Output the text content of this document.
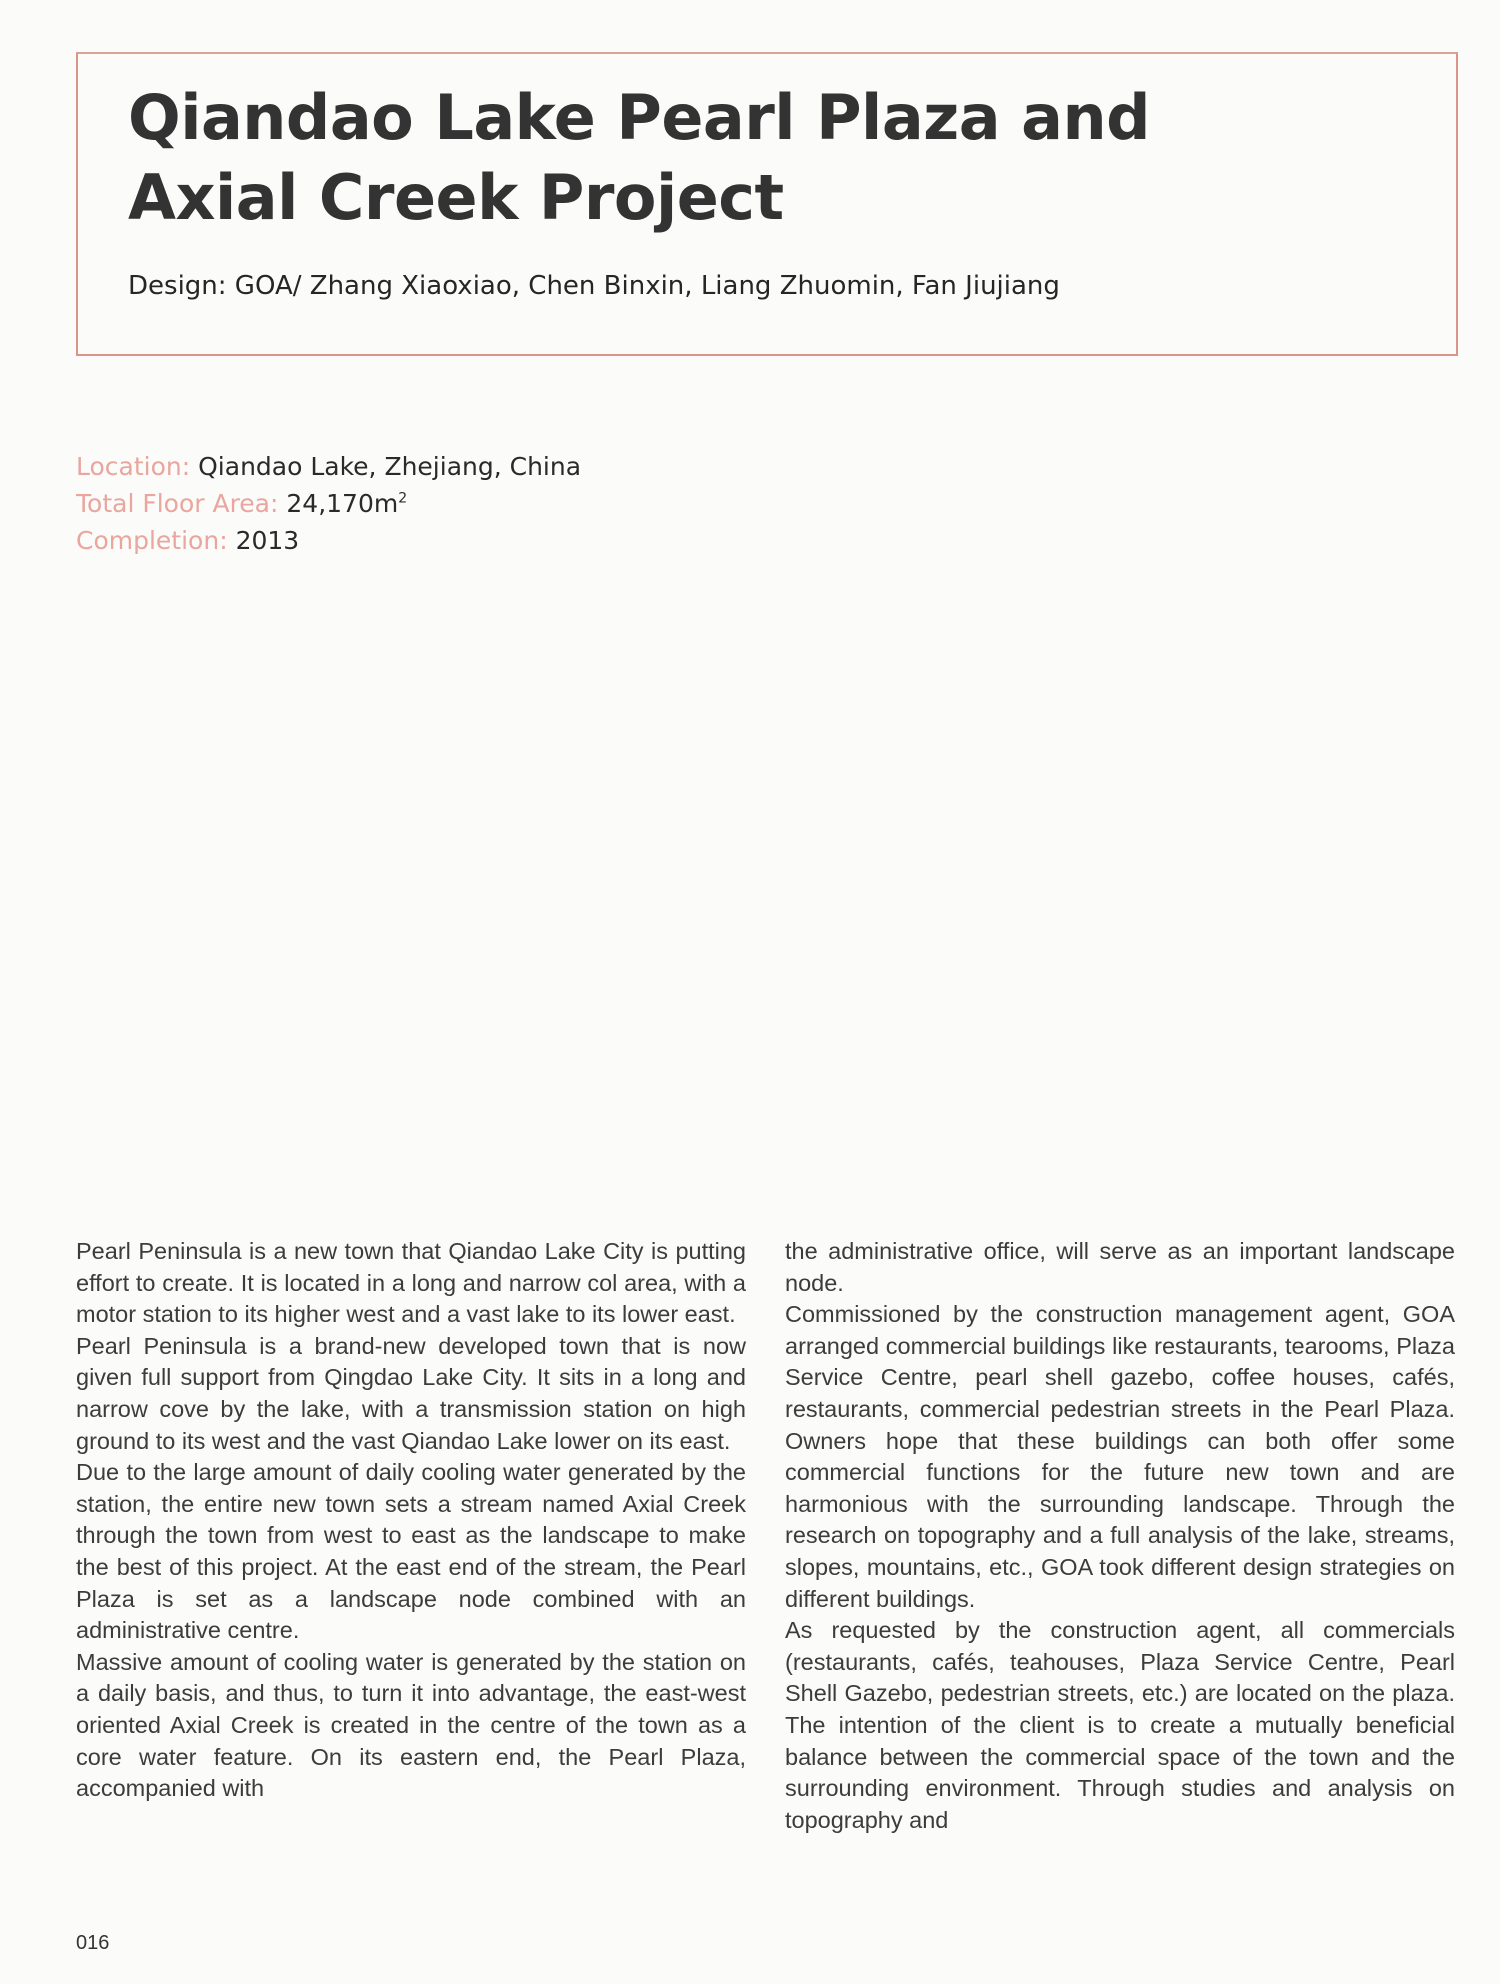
Qiandao Lake Pearl Plaza and Axial Creek Project
Design: GOA/ Zhang Xiaoxiao, Chen Binxin, Liang Zhuomin, Fan Jiujiang
Location: Qiandao Lake, Zhejiang, China
Total Floor Area: $24,170m^2$
Completion: 2013

Pearl Peninsula is a new town that Qiandao Lake City is putting effort to create. It is located in a long and narrow col area, with a motor station to its higher west and a vast lake to its lower east.

Pearl Peninsula is a brand-new developed town that is now given full support from Qingdao Lake City. It sits in a long and narrow cove by the lake, with a transmission station on high ground to its west and the vast Qiandao Lake lower on its east.

Due to the large amount of daily cooling water generated by the station, the entire new town sets a stream named Axial Creek through the town from west to east as the landscape to make the best of this project. At the east end of the stream, the Pearl Plaza is set as a landscape node combined with an administrative centre.

Massive amount of cooling water is generated by the station on a daily basis, and thus, to turn it into advantage, the east-west oriented Axial Creek is created in the centre of the town as a core water feature. On its eastern end, the Pearl Plaza, accompanied with

the administrative office, will serve as an important landscape node.

Commissioned by the construction management agent, GOA arranged commercial buildings like restaurants, tearooms, Plaza Service Centre, pearl shell gazebo, coffee houses, cafés, restaurants, commercial pedestrian streets in the Pearl Plaza. Owners hope that these buildings can both offer some commercial functions for the future new town and are harmonious with the surrounding landscape. Through the research on topography and a full analysis of the lake, streams, slopes, mountains, etc., GOA took different design strategies on different buildings.

As requested by the construction agent, all commercials (restaurants, cafés, teahouses, Plaza Service Centre, Pearl Shell Gazebo, pedestrian streets, etc.) are located on the plaza. The intention of the client is to create a mutually beneficial balance between the commercial space of the town and the surrounding environment. Through studies and analysis on topography and

016
